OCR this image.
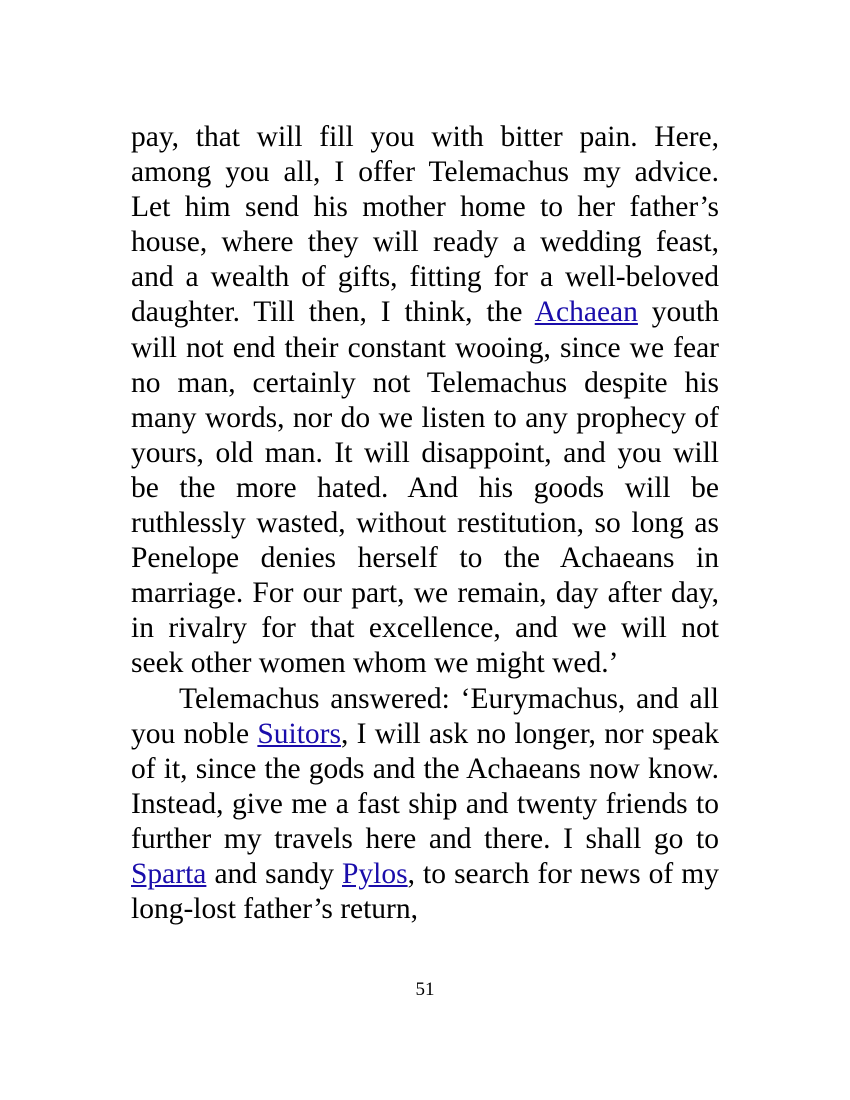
pay, that will fill you with bitter pain. Here, among you all, I offer Telemachus my advice. Let him send his mother home to her father’s house, where they will ready a wedding feast, and a wealth of gifts, fitting for a well-beloved daughter. Till then, I think, the Achaean youth will not end their constant wooing, since we fear no man, certainly not Telemachus despite his many words, nor do we listen to any prophecy of yours, old man. It will disappoint, and you will be the more hated. And his goods will be ruthlessly wasted, without restitution, so long as Penelope denies herself to the Achaeans in marriage. For our part, we remain, day after day, in rivalry for that excellence, and we will not seek other women whom we might wed.’

Telemachus answered: ‘Eurymachus, and all you noble Suitors, I will ask no longer, nor speak of it, since the gods and the Achaeans now know. Instead, give me a fast ship and twenty friends to further my travels here and there. I shall go to Sparta and sandy Pylos, to search for news of my long-lost father’s return,

51
